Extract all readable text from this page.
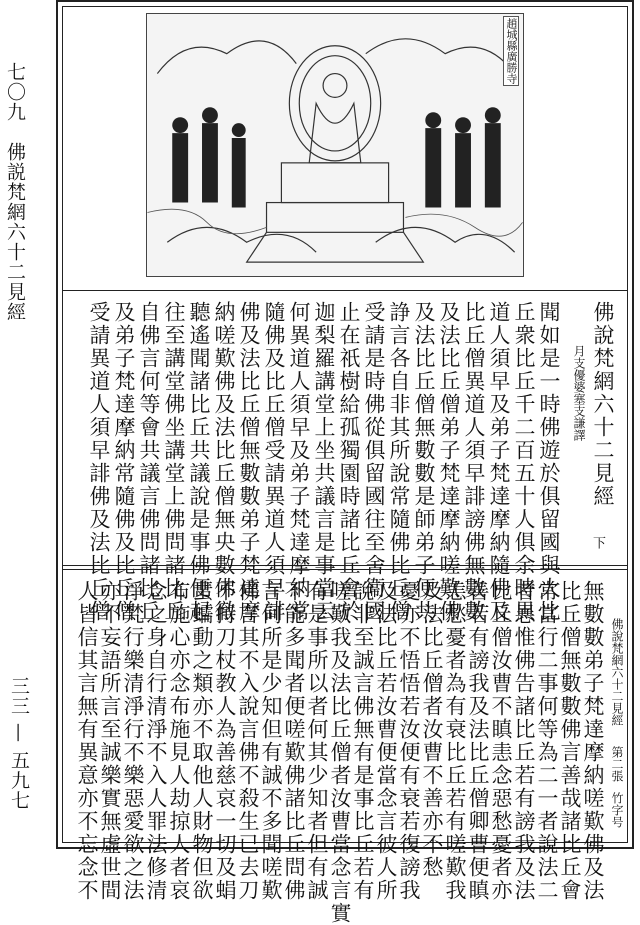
七〇九　佛説梵網六十二見經
三三 — 五九七
趙城縣廣勝寺
佛說梵網六十二見經
月支優婆塞支謙譯
聞如是一時佛遊於俱留國與大比
丘衆比丘千二百五十人俱余時異
道人須早及弟子梵達摩納隨佛及
比丘僧異道人須早誹謗佛無數數
及法比丘僧弟子梵達摩納嗟歎佛
及法比丘僧無數數是師弟子便共
諍言各自非其所說常隨佛比丘僧
受請是時佛從俱留國往至舍衞國
止在祇樹給孤獨園時諸比丘會於
迦梨羅講堂上坐共議言是事當云
何異道人須早及弟子梵達摩納常
隨佛及比丘僧受請異道人須早誹
佛及法比丘僧無數數弟子梵達摩
納嗟歎佛及法比丘僧無央數佛徹
聽遙聞諸比丘共議說是事佛便起
往至講堂佛坐講堂上佛問諸比丘
自佛言何等會共議言佛問諸比丘
及弟子梵達摩納常隨佛及比丘僧
受請異道人須早誹佛及法比丘僧	下
佛說梵網六十二見經
第二張
竹字号
無數數弟子梵達摩納嗟歎佛及法
比丘僧無數數佛言善哉諸比丘會
常當行二事何等為二一者說法二
者思惟佛告諸比丘若有謗我及法
比丘僧汝曹不瞋恚念惡愁憂者亦
善若有謗我及法比丘僧卿曹便瞋
恚愁憂者為有衰比丘若有嗟歎我
及法比丘僧者汝曹不善亦不愁
憂亦不悟悟若汝便有衰若復謗我
及法比丘若汝曹便當念言彼人所
說非至誠言佛無有是事比丘若有
嗟歎我及法比丘僧者汝曹當念言實
有是事所以者何其少知者但有誠
不能多聞者便嗟歎佛諸比丘問佛
言何所是少知但有誠不多聞嗟歎
佛言其不入說言佛不殺生已去刀
不持刀杖教人為善慈哀一切及蜎
蜚蠕動之類亦不取他人財物但欲
布施心亦念布施見人劫掠人者哀
念之身自行清淨不入人罪法修清
淨梵行樂清淨行不樂惡愛欲之法
亦不妄語所言至誠樂實無虛世間
人皆信其言無有異意亦不忘念不
